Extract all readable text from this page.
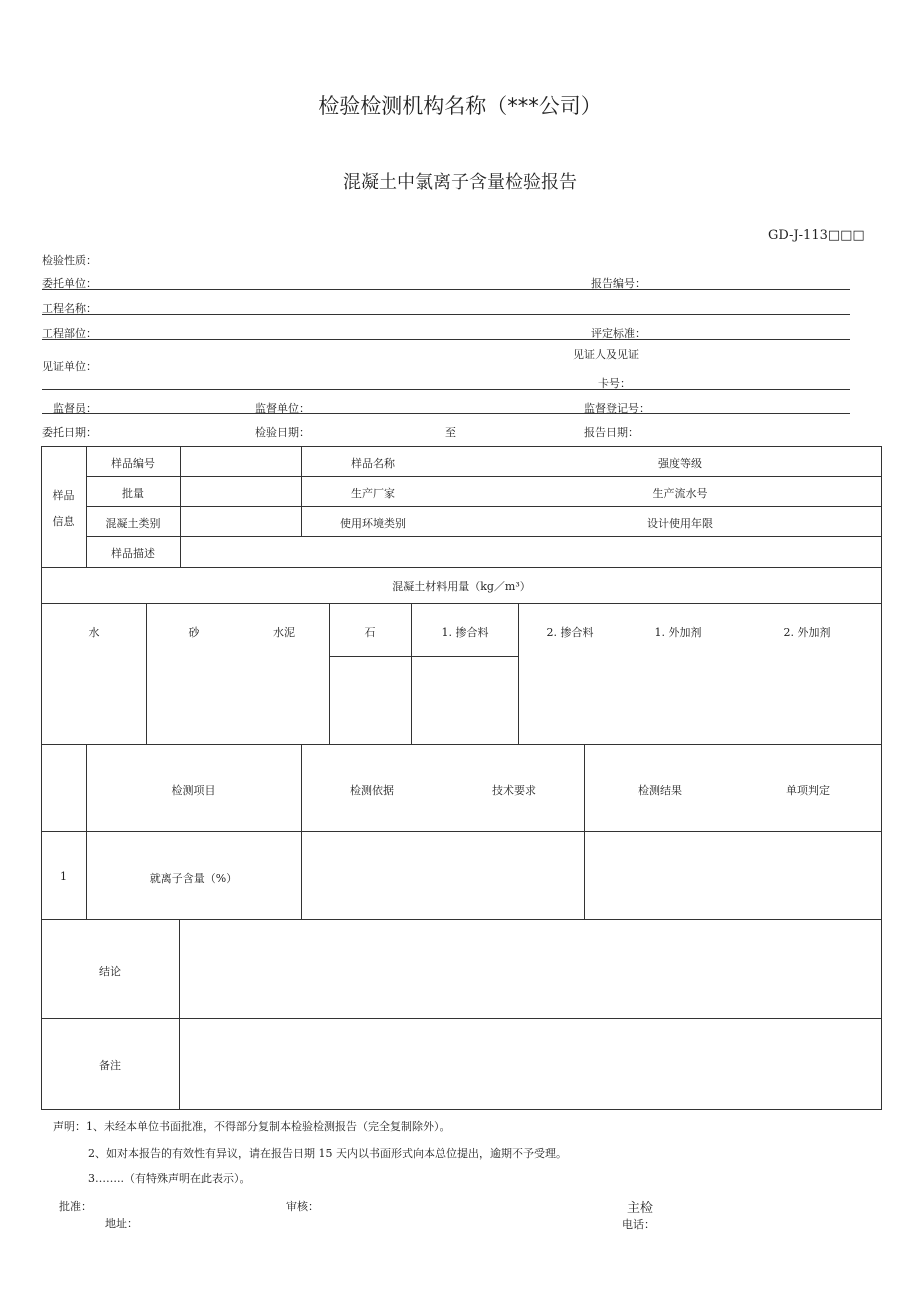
检验检测机构名称（***公司）
混凝土中氯离子含量检验报告
GD-J-113□□□
检验性质：
委托单位：	报告编号：
工程名称：
工程部位：	评定标准：
见证单位：
见证人及见证
卡号：
监督员：	监督单位：	监督登记号：
委托日期：	检验日期：	至	报告日期：
样品
信息
样品编号	样品名称	强度等级
批量	生产厂家	生产流水号
混凝土类别	使用环境类别	设计使用年限
样品描述
混凝土材料用量（kg／m³）
水	砂	水泥	石	1. 掺合料	2. 掺合料	1. 外加剂	2. 外加剂
检测项目	检测依据	技术要求	检测结果	单项判定
1	就离子含量（%）
结论
备注
声明：1、未经本单位书面批准，不得部分复制本检验检测报告（完全复制除外）。
2、如对本报告的有效性有异议，请在报告日期 15 天内以书面形式向本总位提出，逾期不予受理。
3……..（有特殊声明在此表示）。
批准：	审核：	主检
地址：	电话：
